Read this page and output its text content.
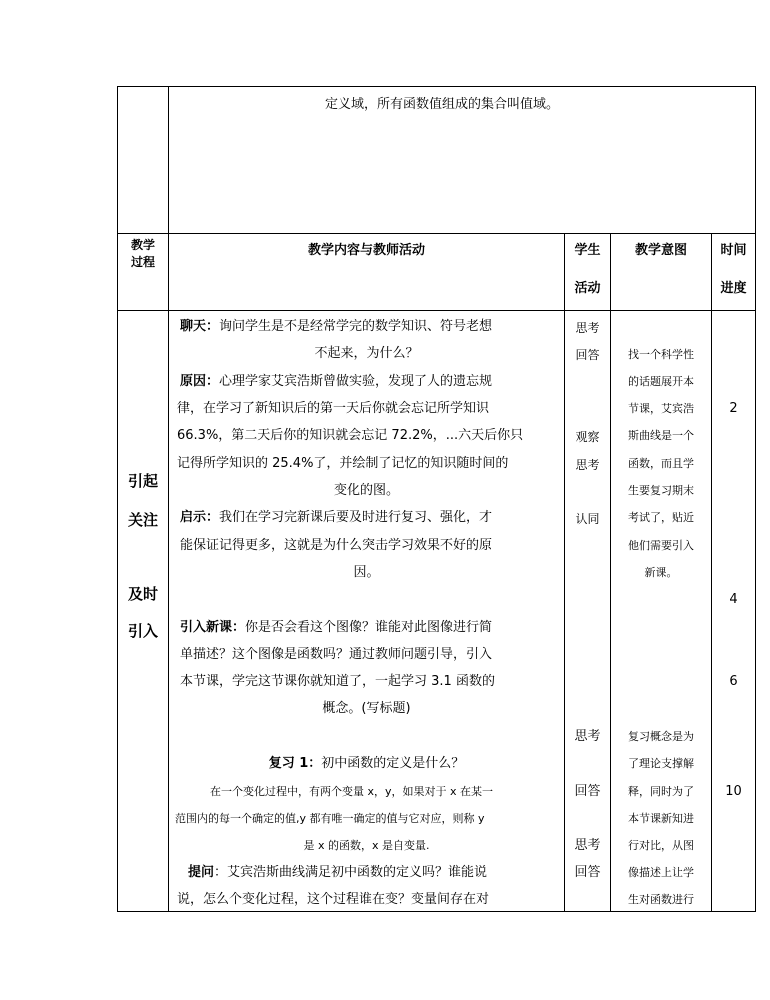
定义域，所有函数值组成的集合叫值域。
教学
过程
教学内容与教师活动	学生
活动
教学意图	时间
进度
引起
关注
及时
引入
聊天：询问学生是不是经常学完的数学知识、符号老想
不起来，为什么？
原因：心理学家艾宾浩斯曾做实验，发现了人的遗忘规
律，在学习了新知识后的第一天后你就会忘记所学知识
66.3%，第二天后你的知识就会忘记 72.2%，...六天后你只
记得所学知识的 25.4%了，并绘制了记忆的知识随时间的
变化的图。
启示：我们在学习完新课后要及时进行复习、强化，才
能保证记得更多，这就是为什么突击学习效果不好的原
因。
引入新课：你是否会看这个图像？谁能对此图像进行简
单描述？这个图像是函数吗？通过教师问题引导，引入
本节课，学完这节课你就知道了，一起学习 3.1 函数的
概念。(写标题)
复习 1：初中函数的定义是什么？
在一个变化过程中，有两个变量 x，y，如果对于 x 在某一
范围内的每一个确定的值,y 都有唯一确定的值与它对应，则称 y
是 x 的函数，x 是自变量.
提问：艾宾浩斯曲线满足初中函数的定义吗？谁能说
说，怎么个变化过程，这个过程谁在变？变量间存在对
思考
回答
观察
思考
认同
思考
回答
思考
回答
找一个科学性
的话题展开本
节课，艾宾浩
斯曲线是一个
函数，而且学
生要复习期末
考试了，贴近
他们需要引入
新课。
复习概念是为
了理论支撑解
释，同时为了
本节课新知进
行对比，从图
像描述上让学
生对函数进行
2
4
6
10
